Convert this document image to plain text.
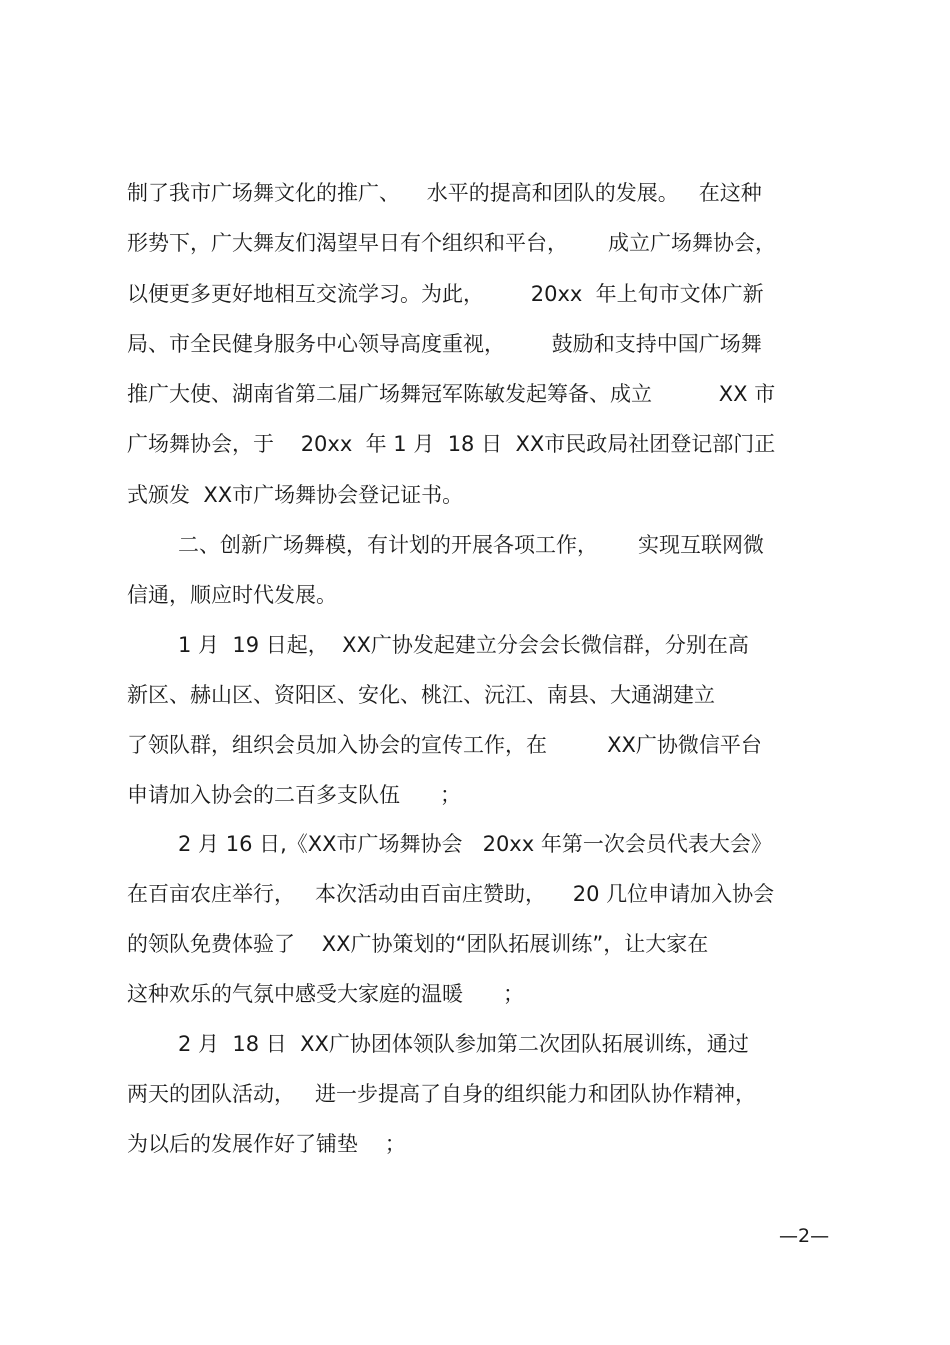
制了我市广场舞文化的推广、    水平的提高和团队的发展。   在这种
形势下，广大舞友们渴望早日有个组织和平台，      成立广场舞协会，
以便更多更好地相互交流学习。为此，       20xx  年上旬市文体广新
局、市全民健身服务中心领导高度重视，       鼓励和支持中国广场舞
推广大使、湖南省第二届广场舞冠军陈敏发起筹备、成立          XX 市
广场舞协会，于    20xx  年 1 月  18 日  XX市民政局社团登记部门正
式颁发  XX市广场舞协会登记证书。
二、创新广场舞模，有计划的开展各项工作，      实现互联网微
信通，顺应时代发展。
1 月  19 日起，  XX广协发起建立分会会长微信群，分别在高
新区、赫山区、资阳区、安化、桃江、沅江、南县、大通湖建立
了领队群，组织会员加入协会的宣传工作，在         XX广协微信平台
申请加入协会的二百多支队伍      ；
2 月 16 日,《XX市广场舞协会   20xx 年第一次会员代表大会》
在百亩农庄举行，   本次活动由百亩庄赞助，    20 几位申请加入协会
的领队免费体验了    XX广协策划的“团队拓展训练”，让大家在
这种欢乐的气氛中感受大家庭的温暖      ；
2 月  18 日  XX广协团体领队参加第二次团队拓展训练，通过
两天的团队活动，   进一步提高了自身的组织能力和团队协作精神，
为以后的发展作好了铺垫    ；
—2—
